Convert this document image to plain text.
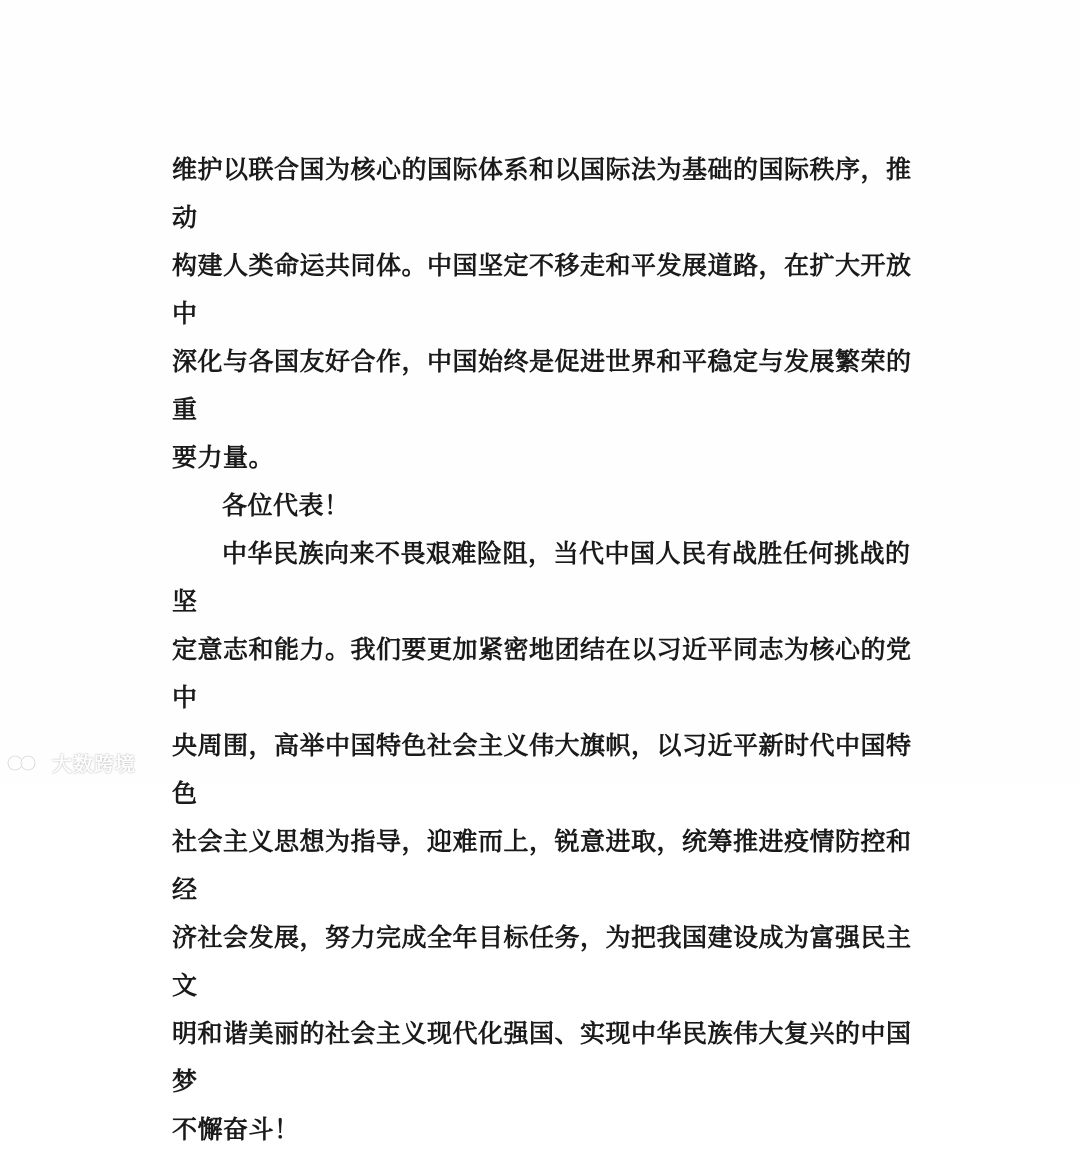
维护以联合国为核心的国际体系和以国际法为基础的国际秩序，推动

构建人类命运共同体。中国坚定不移走和平发展道路，在扩大开放中

深化与各国友好合作，中国始终是促进世界和平稳定与发展繁荣的重

要力量。

各位代表！

中华民族向来不畏艰难险阻，当代中国人民有战胜任何挑战的坚

定意志和能力。我们要更加紧密地团结在以习近平同志为核心的党中

央周围，高举中国特色社会主义伟大旗帜，以习近平新时代中国特色

社会主义思想为指导，迎难而上，锐意进取，统筹推进疫情防控和经

济社会发展，努力完成全年目标任务，为把我国建设成为富强民主文

明和谐美丽的社会主义现代化强国、实现中华民族伟大复兴的中国梦

不懈奋斗！

大数跨境
